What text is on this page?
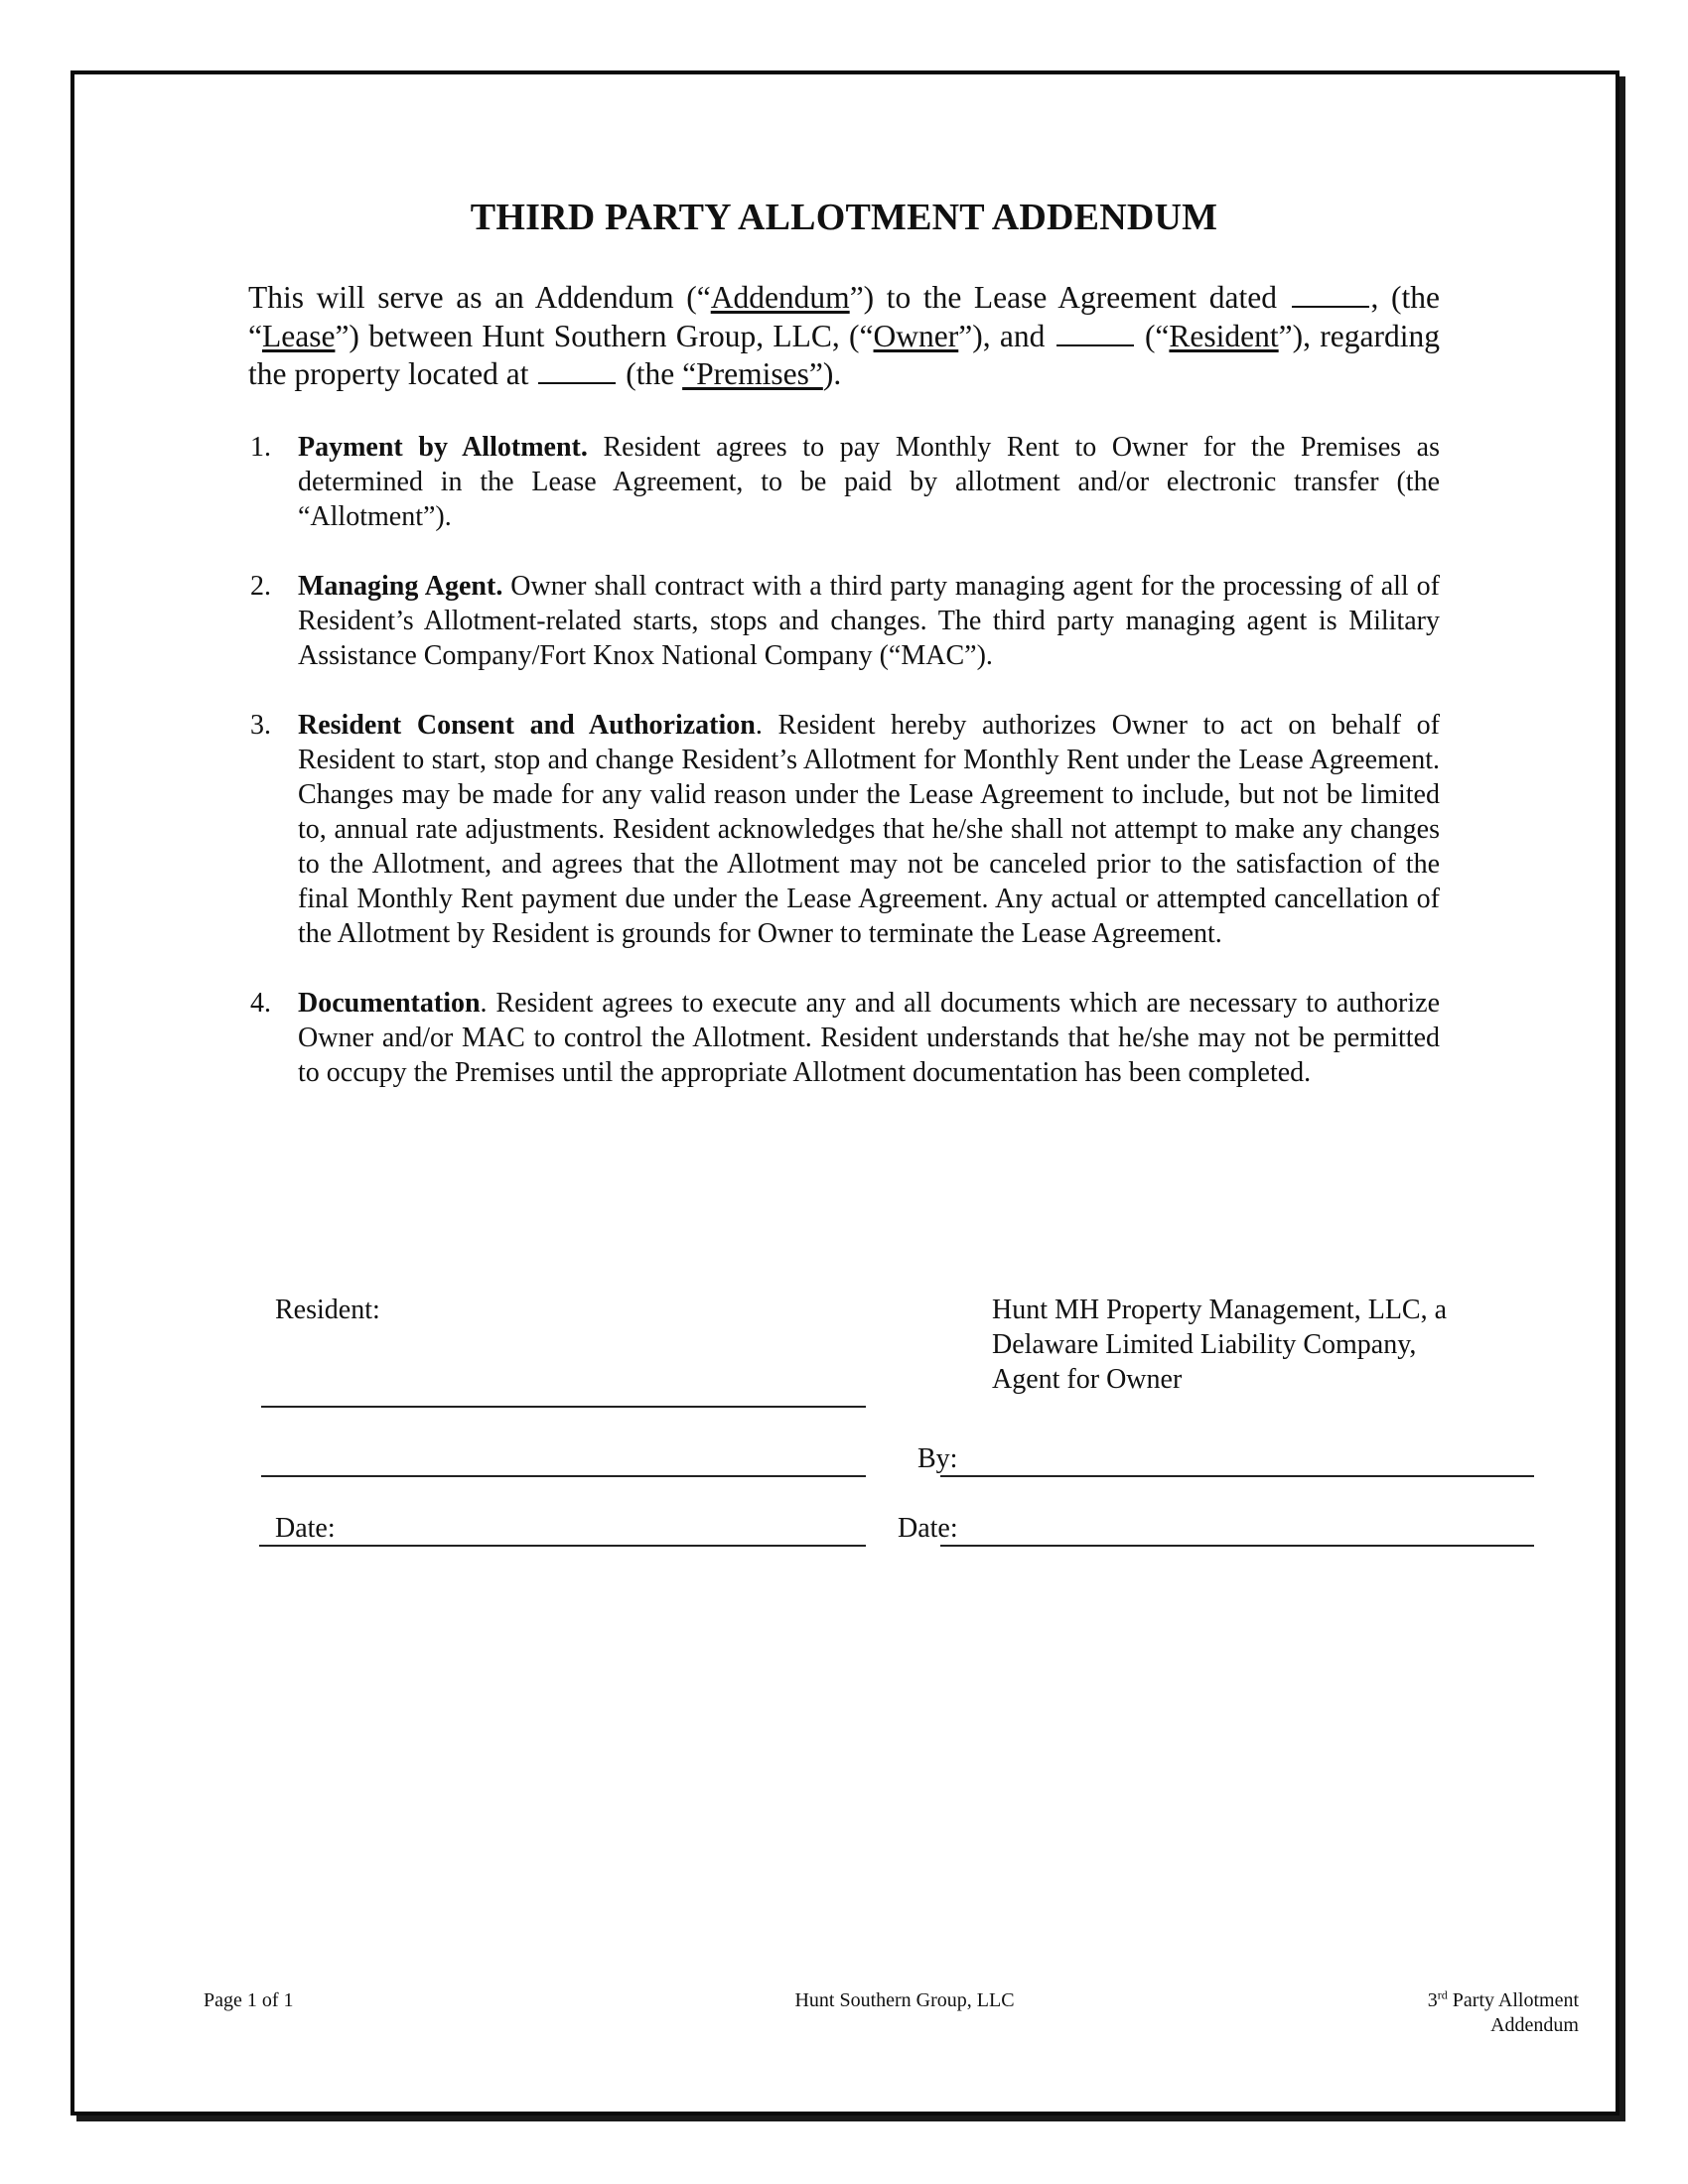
THIRD PARTY ALLOTMENT ADDENDUM
This will serve as an Addendum (“Addendum”) to the Lease Agreement dated	, (the “Lease”) between Hunt Southern Group, LLC, (“Owner”), and	(“Resident”), regarding the property located at	(the “Premises”).
1. Payment by Allotment. Resident agrees to pay Monthly Rent to Owner for the Premises as determined in the Lease Agreement, to be paid by allotment and/or electronic transfer (the “Allotment”).
2. Managing Agent. Owner shall contract with a third party managing agent for the processing of all of Resident’s Allotment-related starts, stops and changes. The third party managing agent is Military Assistance Company/Fort Knox National Company (“MAC”).
3. Resident Consent and Authorization. Resident hereby authorizes Owner to act on behalf of Resident to start, stop and change Resident’s Allotment for Monthly Rent under the Lease Agreement. Changes may be made for any valid reason under the Lease Agreement to include, but not be limited to, annual rate adjustments. Resident acknowledges that he/she shall not attempt to make any changes to the Allotment, and agrees that the Allotment may not be canceled prior to the satisfaction of the final Monthly Rent payment due under the Lease Agreement. Any actual or attempted cancellation of the Allotment by Resident is grounds for Owner to terminate the Lease Agreement.
4. Documentation. Resident agrees to execute any and all documents which are necessary to authorize Owner and/or MAC to control the Allotment. Resident understands that he/she may not be permitted to occupy the Premises until the appropriate Allotment documentation has been completed.
Resident:	Hunt MH Property Management, LLC, a
Delaware Limited Liability Company,
Agent for Owner
By:
Date:	Date:
Page 1 of 1	Hunt Southern Group, LLC	3rd Party Allotment
Addendum
